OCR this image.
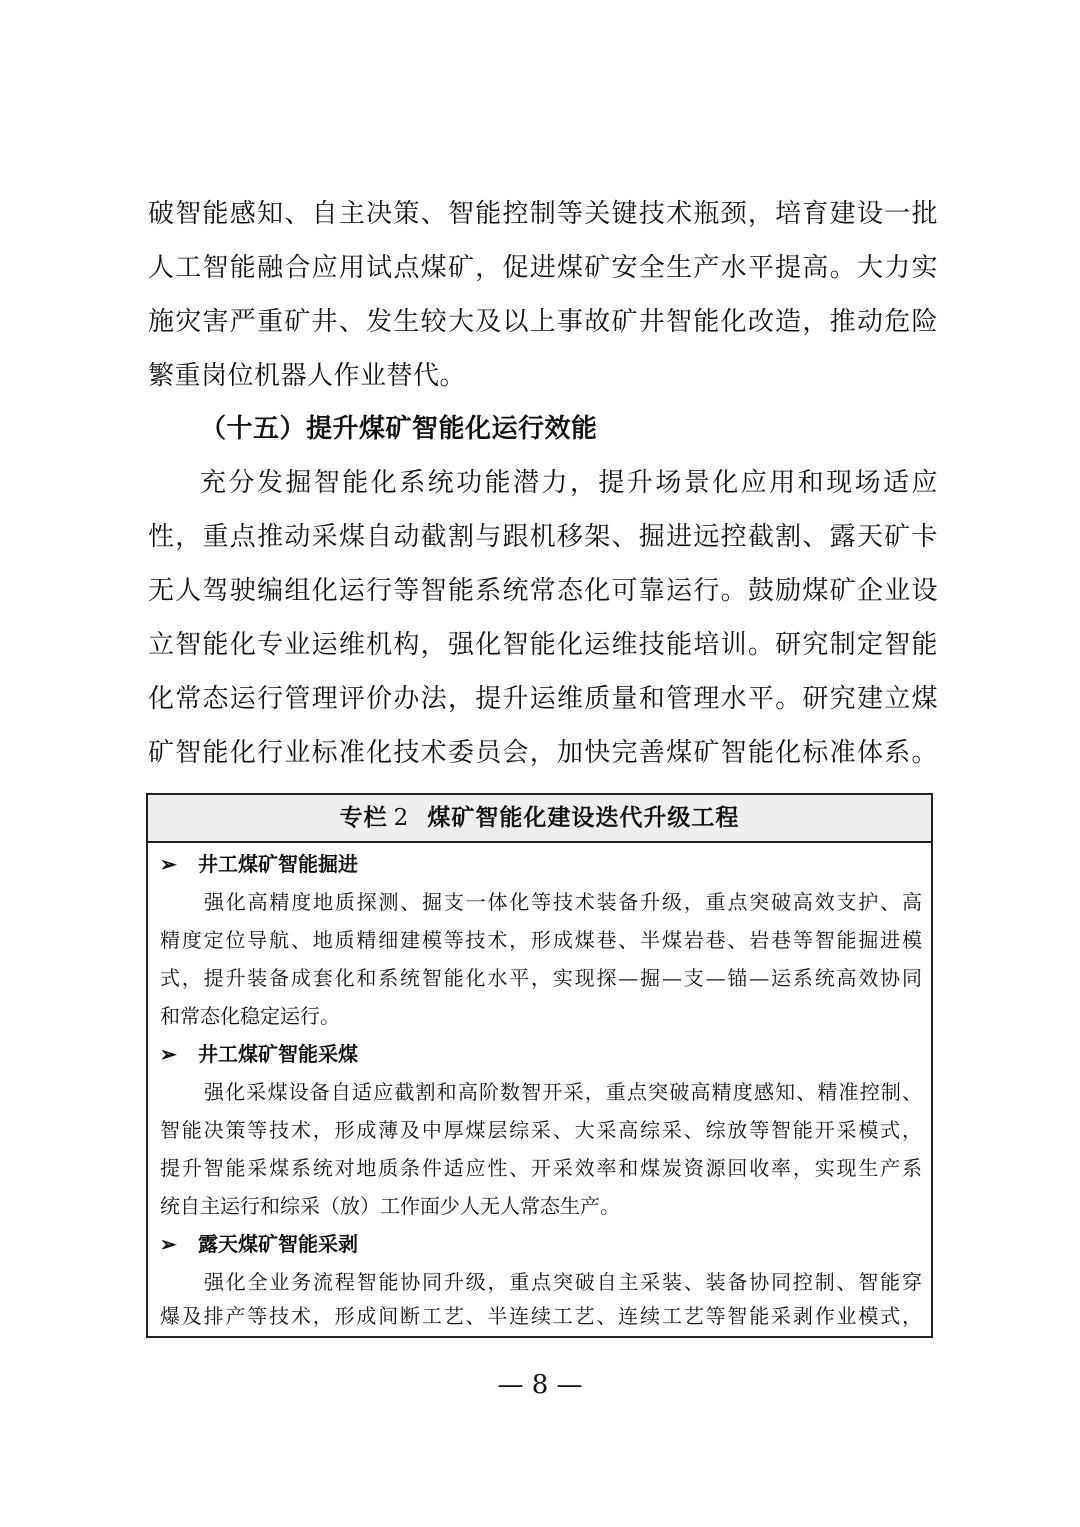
破智能感知、自主决策、智能控制等关键技术瓶颈，培育建设一批
人工智能融合应用试点煤矿，促进煤矿安全生产水平提高。大力实
施灾害严重矿井、发生较大及以上事故矿井智能化改造，推动危险
繁重岗位机器人作业替代。
（十五）提升煤矿智能化运行效能
充分发掘智能化系统功能潜力，提升场景化应用和现场适应
性，重点推动采煤自动截割与跟机移架、掘进远控截割、露天矿卡
无人驾驶编组化运行等智能系统常态化可靠运行。鼓励煤矿企业设
立智能化专业运维机构，强化智能化运维技能培训。研究制定智能
化常态运行管理评价办法，提升运维质量和管理水平。研究建立煤
矿智能化行业标准化技术委员会，加快完善煤矿智能化标准体系。
专栏 2 煤矿智能化建设迭代升级工程
➢ 井工煤矿智能掘进
强化高精度地质探测、掘支一体化等技术装备升级，重点突破高效支护、高
精度定位导航、地质精细建模等技术，形成煤巷、半煤岩巷、岩巷等智能掘进模
式，提升装备成套化和系统智能化水平，实现探—掘—支—锚—运系统高效协同
和常态化稳定运行。
➢ 井工煤矿智能采煤
强化采煤设备自适应截割和高阶数智开采，重点突破高精度感知、精准控制、
智能决策等技术，形成薄及中厚煤层综采、大采高综采、综放等智能开采模式，
提升智能采煤系统对地质条件适应性、开采效率和煤炭资源回收率，实现生产系
统自主运行和综采（放）工作面少人无人常态生产。
➢ 露天煤矿智能采剥
强化全业务流程智能协同升级，重点突破自主采装、装备协同控制、智能穿
爆及排产等技术，形成间断工艺、半连续工艺、连续工艺等智能采剥作业模式，
— 8 —
